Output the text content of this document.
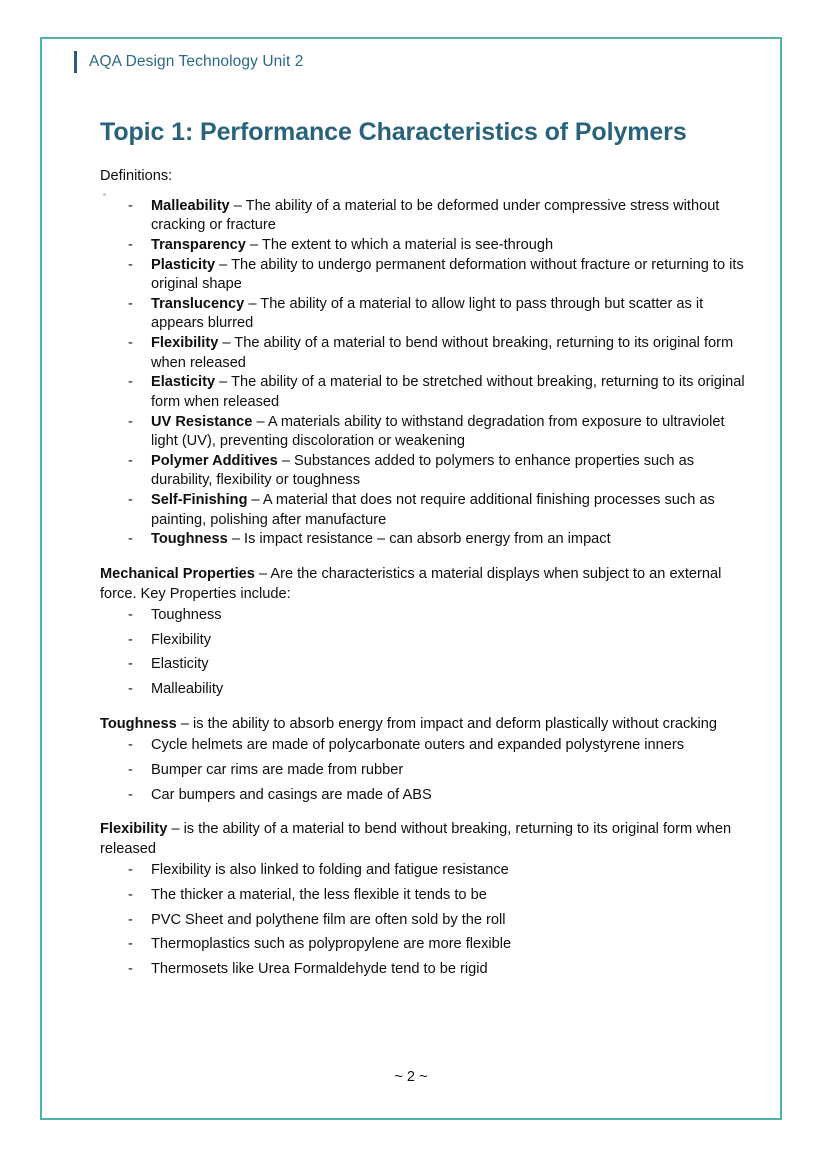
AQA Design Technology Unit 2
Topic 1: Performance Characteristics of Polymers

Definitions:

- Malleability – The ability of a material to be deformed under compressive stress without cracking or fracture
- Transparency – The extent to which a material is see-through
- Plasticity – The ability to undergo permanent deformation without fracture or returning to its original shape
- Translucency – The ability of a material to allow light to pass through but scatter as it appears blurred
- Flexibility – The ability of a material to bend without breaking, returning to its original form when released
- Elasticity – The ability of a material to be stretched without breaking, returning to its original form when released
- UV Resistance – A materials ability to withstand degradation from exposure to ultraviolet light (UV), preventing discoloration or weakening
- Polymer Additives – Substances added to polymers to enhance properties such as durability, flexibility or toughness
- Self-Finishing – A material that does not require additional finishing processes such as painting, polishing after manufacture
- Toughness – Is impact resistance – can absorb energy from an impact

Mechanical Properties – Are the characteristics a material displays when subject to an external force. Key Properties include:

- Toughness
- Flexibility
- Elasticity
- Malleability

Toughness – is the ability to absorb energy from impact and deform plastically without cracking

- Cycle helmets are made of polycarbonate outers and expanded polystyrene inners
- Bumper car rims are made from rubber
- Car bumpers and casings are made of ABS

Flexibility – is the ability of a material to bend without breaking, returning to its original form when released

- Flexibility is also linked to folding and fatigue resistance
- The thicker a material, the less flexible it tends to be
- PVC Sheet and polythene film are often sold by the roll
- Thermoplastics such as polypropylene are more flexible
- Thermosets like Urea Formaldehyde tend to be rigid
~ 2 ~
